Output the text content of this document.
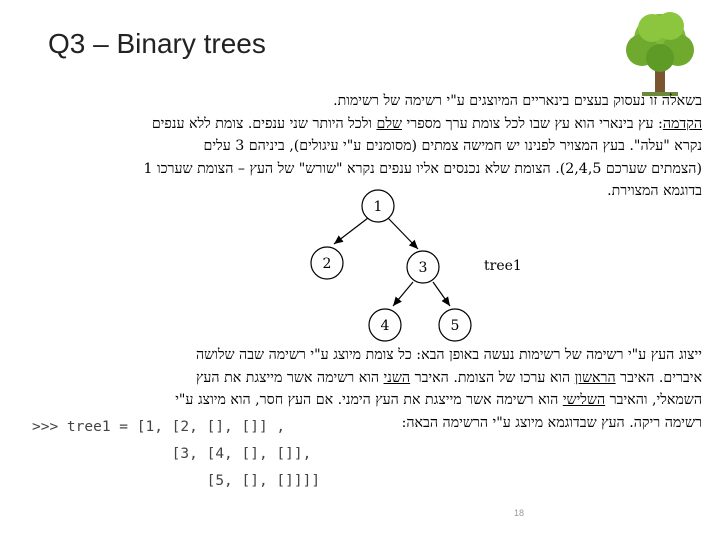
Q3 – Binary trees

בשאלה זו נעסוק בעצים בינאריים המיוצגים ע"י רשימה של רשימות.

הקדמה: עץ בינארי הוא עץ שבו לכל צומת ערך מספרי שלם ולכל היותר שני ענפים. צומת ללא ענפים

נקרא "עלה". בעץ המצויר לפנינו יש חמישה צמתים (מסומנים ע"י עיגולים), ביניהם 3 עלים

(הצמתים שערכם 2,4,5). הצומת שלא נכנסים אליו ענפים נקרא "שורש" של העץ – הצומת שערכו 1

בדוגמא המצוירת.

1
2	3
4	5
tree1

ייצוג העץ ע"י רשימה של רשימות נעשה באופן הבא: כל צומת מיוצג ע"י רשימה שבה שלושה

איברים. האיבר הראשון הוא ערכו של הצומת. האיבר השני הוא רשימה אשר מייצגת את העץ

השמאלי, והאיבר השלישי הוא רשימה אשר מייצגת את העץ הימני. אם העץ חסר, הוא מיוצג ע"י

רשימה ריקה. העץ שבדוגמא מיוצג ע"י הרשימה הבאה:

>>> tree1 = [1, [2, [], []] ,
[3, [4, [], []],
[5, [], []]]]
18
